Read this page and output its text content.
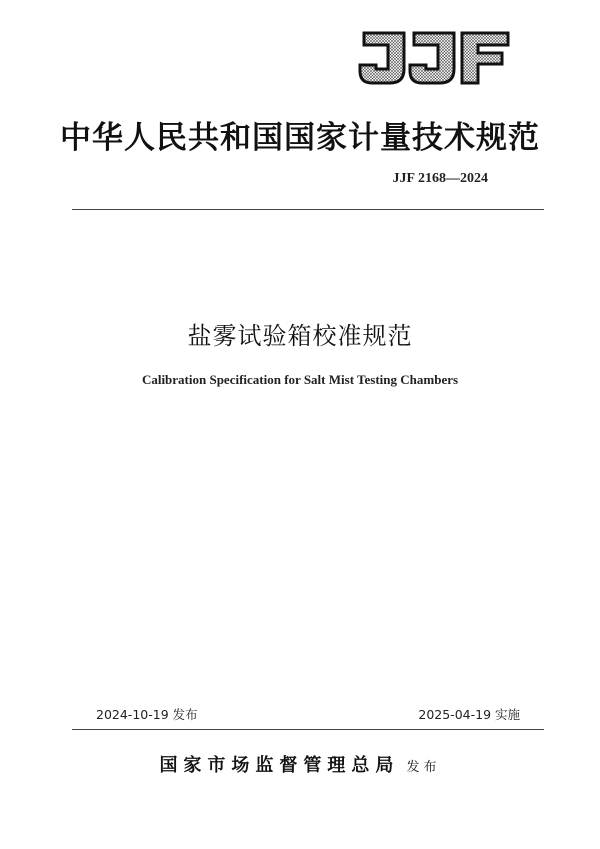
中华人民共和国国家计量技术规范
JJF 2168—2024
盐雾试验箱校准规范
Calibration Specification for Salt Mist Testing Chambers
2024-10-19 发布	2025-04-19 实施
国家市场监督管理总局 发布
